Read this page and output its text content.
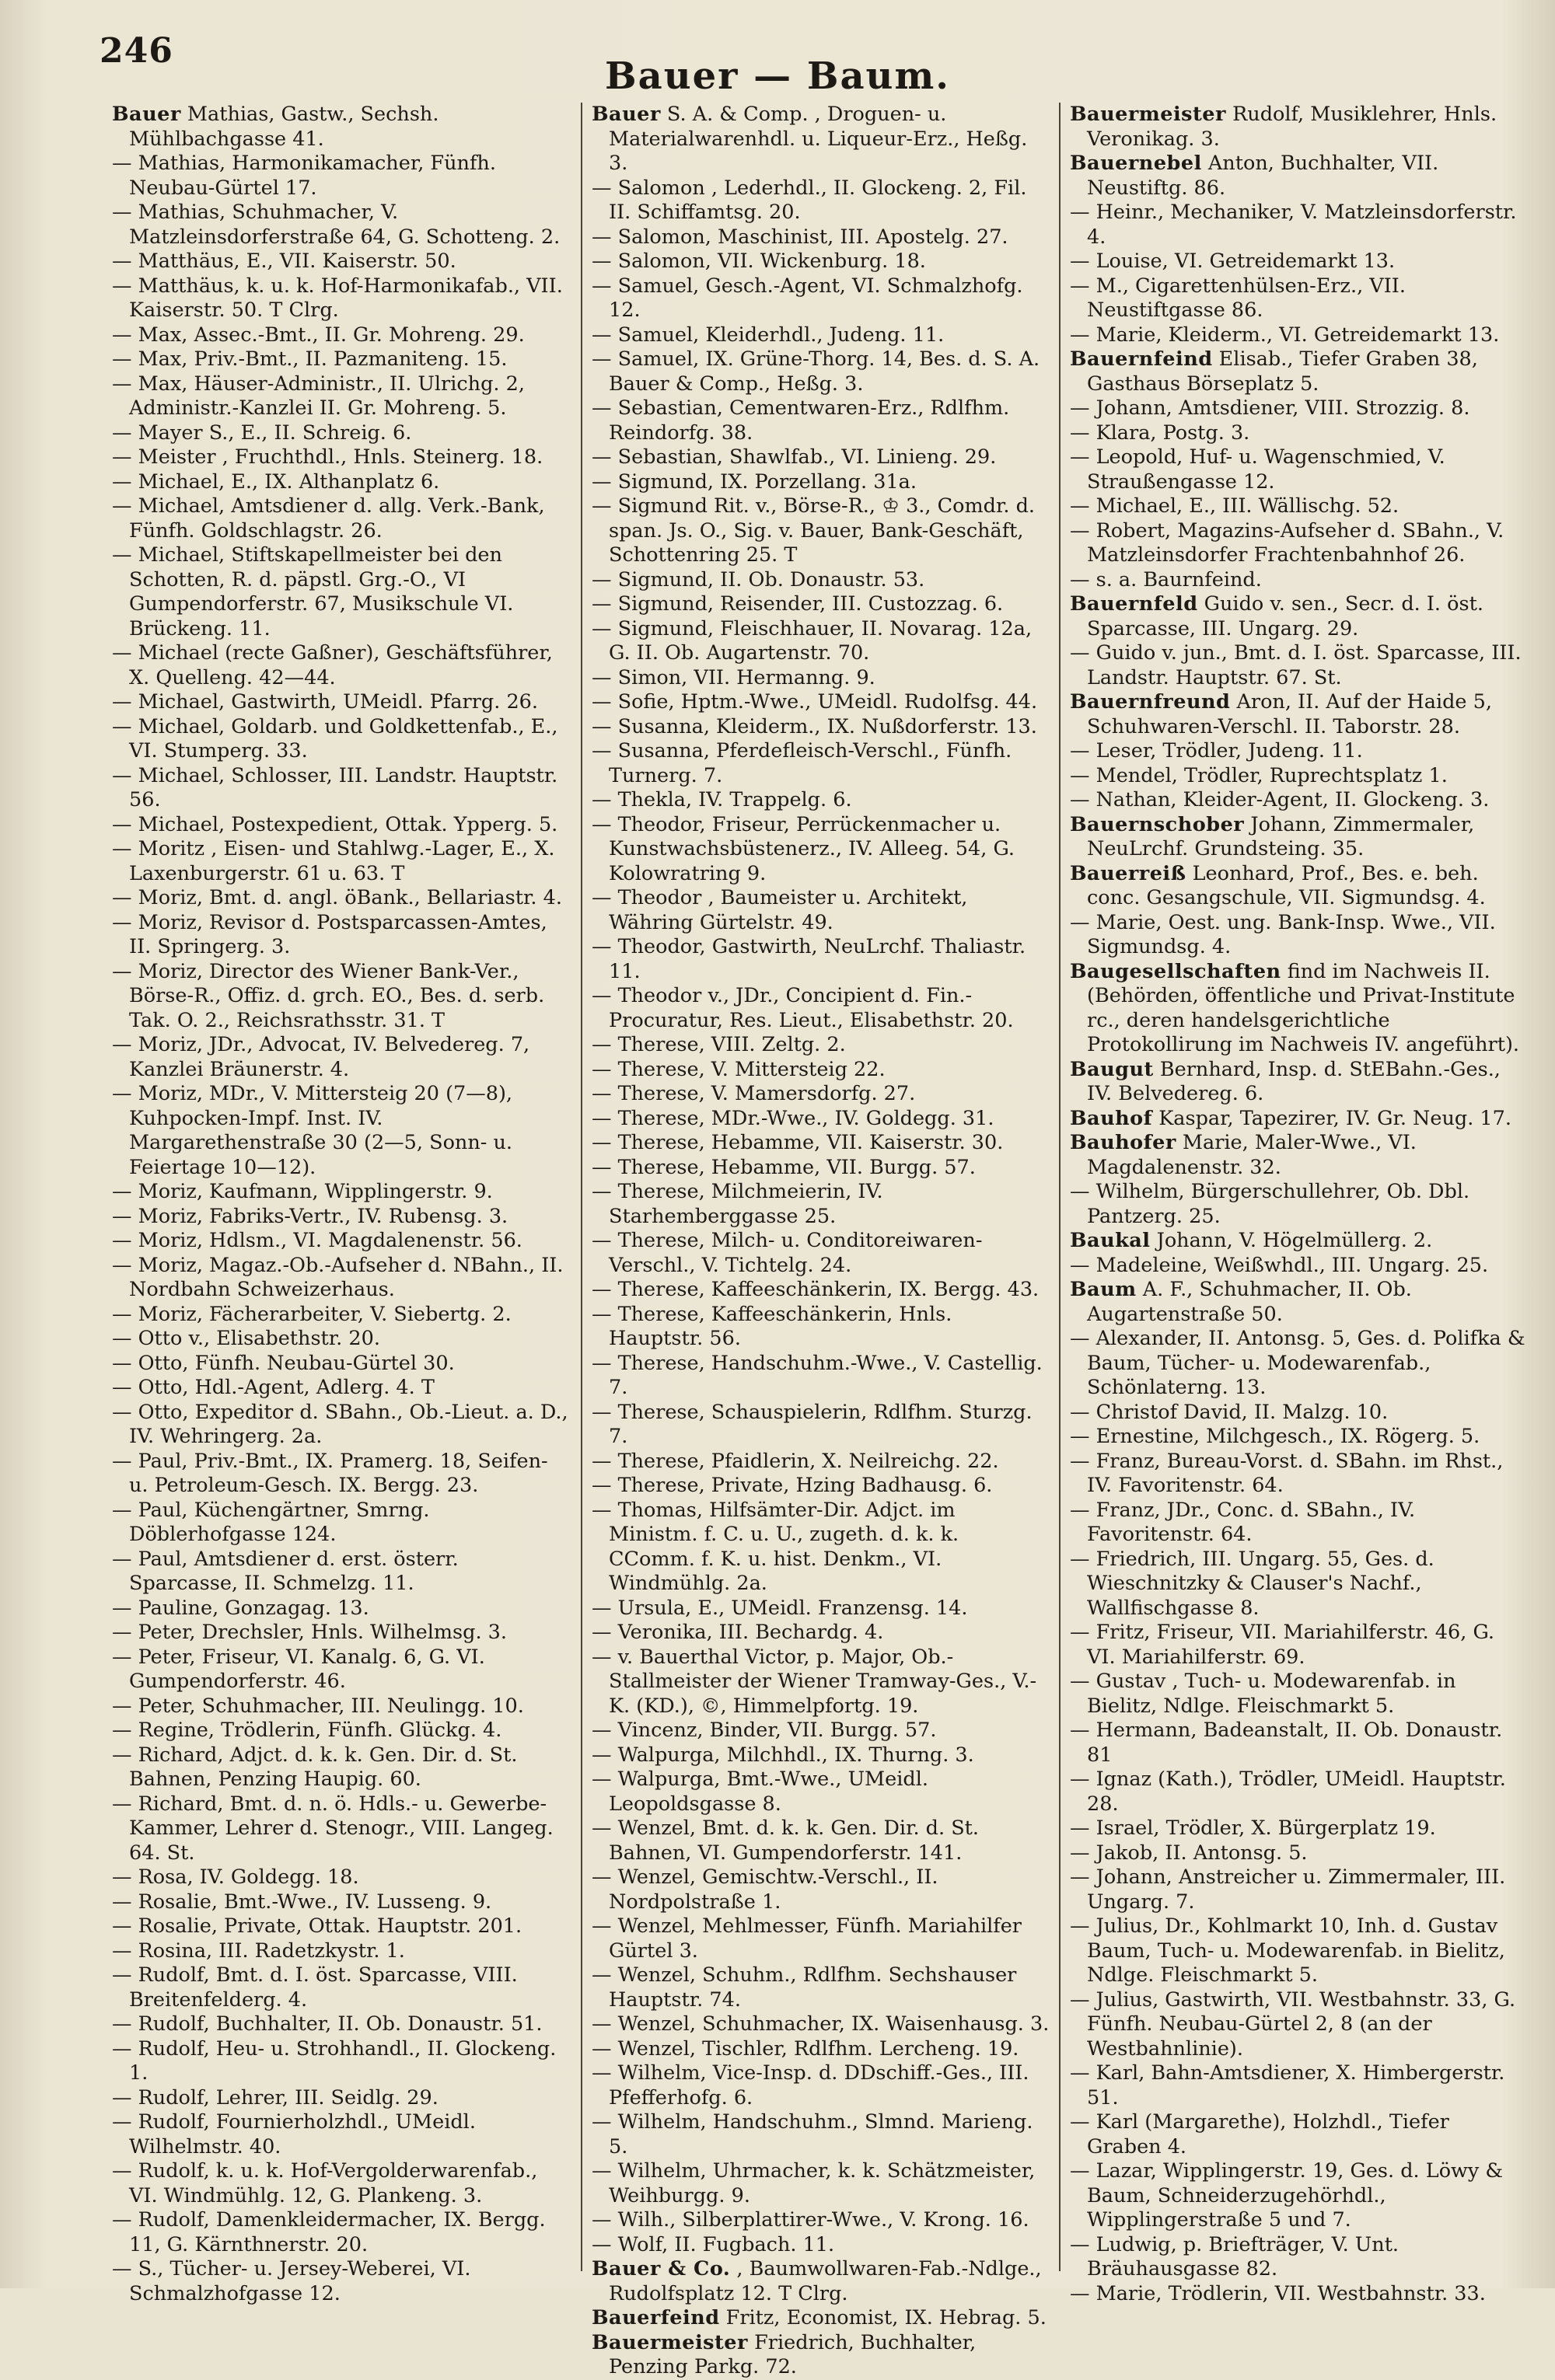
246
Bauer — Baum.

Bauer Mathias, Gastw., Sechsh. Mühlbachgasse 41.

— Mathias, Harmonikamacher, Fünfh. Neubau-Gürtel 17.

— Mathias, Schuhmacher, V. Matzleinsdorferstraße 64, G. Schotteng. 2.

— Matthäus, E., VII. Kaiserstr. 50.

— Matthäus, k. u. k. Hof-Harmonikafab., VII. Kaiserstr. 50. T Clrg.

— Max, Assec.-Bmt., II. Gr. Mohreng. 29.

— Max, Priv.-Bmt., II. Pazmaniteng. 15.

— Max, Häuser-Administr., II. Ulrichg. 2, Administr.-Kanzlei II. Gr. Mohreng. 5.

— Mayer S., E., II. Schreig. 6.

— Meister , Fruchthdl., Hnls. Steinerg. 18.

— Michael, E., IX. Althanplatz 6.

— Michael, Amtsdiener d. allg. Verk.-Bank, Fünfh. Goldschlagstr. 26.

— Michael, Stiftskapellmeister bei den Schotten, R. d. päpstl. Grg.-O., VI Gumpendorferstr. 67, Musikschule VI. Brückeng. 11.

— Michael (recte Gaßner), Geschäftsführer, X. Quelleng. 42—44.

— Michael, Gastwirth, UMeidl. Pfarrg. 26.

— Michael, Goldarb. und Goldkettenfab., E., VI. Stumperg. 33.

— Michael, Schlosser, III. Landstr. Hauptstr. 56.

— Michael, Postexpedient, Ottak. Ypperg. 5.

— Moritz , Eisen- und Stahlwg.-Lager, E., X. Laxenburgerstr. 61 u. 63. T

— Moriz, Bmt. d. angl. öBank., Bellariastr. 4.

— Moriz, Revisor d. Postsparcassen-Amtes, II. Springerg. 3.

— Moriz, Director des Wiener Bank-Ver., Börse-R., Offiz. d. grch. EO., Bes. d. serb. Tak. O. 2., Reichsrathsstr. 31. T

— Moriz, JDr., Advocat, IV. Belvedereg. 7, Kanzlei Bräunerstr. 4.

— Moriz, MDr., V. Mittersteig 20 (7—8), Kuhpocken-Impf. Inst. IV. Margarethenstraße 30 (2—5, Sonn- u. Feiertage 10—12).

— Moriz, Kaufmann, Wipplingerstr. 9.

— Moriz, Fabriks-Vertr., IV. Rubensg. 3.

— Moriz, Hdlsm., VI. Magdalenenstr. 56.

— Moriz, Magaz.-Ob.-Aufseher d. NBahn., II. Nordbahn Schweizerhaus.

— Moriz, Fächerarbeiter, V. Siebertg. 2.

— Otto v., Elisabethstr. 20.

— Otto, Fünfh. Neubau-Gürtel 30.

— Otto, Hdl.-Agent, Adlerg. 4. T

— Otto, Expeditor d. SBahn., Ob.-Lieut. a. D., IV. Wehringerg. 2a.

— Paul, Priv.-Bmt., IX. Pramerg. 18, Seifen- u. Petroleum-Gesch. IX. Bergg. 23.

— Paul, Küchengärtner, Smrng. Döblerhofgasse 124.

— Paul, Amtsdiener d. erst. österr. Sparcasse, II. Schmelzg. 11.

— Pauline, Gonzagag. 13.

— Peter, Drechsler, Hnls. Wilhelmsg. 3.

— Peter, Friseur, VI. Kanalg. 6, G. VI. Gumpendorferstr. 46.

— Peter, Schuhmacher, III. Neulingg. 10.

— Regine, Trödlerin, Fünfh. Glückg. 4.

— Richard, Adjct. d. k. k. Gen. Dir. d. St. Bahnen, Penzing Haupig. 60.

— Richard, Bmt. d. n. ö. Hdls.- u. Gewerbe-Kammer, Lehrer d. Stenogr., VIII. Langeg. 64. St.

— Rosa, IV. Goldegg. 18.

— Rosalie, Bmt.-Wwe., IV. Lusseng. 9.

— Rosalie, Private, Ottak. Hauptstr. 201.

— Rosina, III. Radetzkystr. 1.

— Rudolf, Bmt. d. I. öst. Sparcasse, VIII. Breitenfelderg. 4.

— Rudolf, Buchhalter, II. Ob. Donaustr. 51.

— Rudolf, Heu- u. Strohhandl., II. Glockeng. 1.

— Rudolf, Lehrer, III. Seidlg. 29.

— Rudolf, Fournierholzhdl., UMeidl. Wilhelmstr. 40.

— Rudolf, k. u. k. Hof-Vergolderwarenfab., VI. Windmühlg. 12, G. Plankeng. 3.

— Rudolf, Damenkleidermacher, IX. Bergg. 11, G. Kärnthnerstr. 20.

— S., Tücher- u. Jersey-Weberei, VI. Schmalzhofgasse 12.

Bauer S. A. & Comp. , Droguen- u. Materialwarenhdl. u. Liqueur-Erz., Heßg. 3.

— Salomon , Lederhdl., II. Glockeng. 2, Fil. II. Schiffamtsg. 20.

— Salomon, Maschinist, III. Apostelg. 27.

— Salomon, VII. Wickenburg. 18.

— Samuel, Gesch.-Agent, VI. Schmalzhofg. 12.

— Samuel, Kleiderhdl., Judeng. 11.

— Samuel, IX. Grüne-Thorg. 14, Bes. d. S. A. Bauer & Comp., Heßg. 3.

— Sebastian, Cementwaren-Erz., Rdlfhm. Reindorfg. 38.

— Sebastian, Shawlfab., VI. Linieng. 29.

— Sigmund, IX. Porzellang. 31a.

— Sigmund Rit. v., Börse-R., ♔ 3., Comdr. d. span. Js. O., Sig. v. Bauer, Bank-Geschäft, Schottenring 25. T

— Sigmund, II. Ob. Donaustr. 53.

— Sigmund, Reisender, III. Custozzag. 6.

— Sigmund, Fleischhauer, II. Novarag. 12a, G. II. Ob. Augartenstr. 70.

— Simon, VII. Hermanng. 9.

— Sofie, Hptm.-Wwe., UMeidl. Rudolfsg. 44.

— Susanna, Kleiderm., IX. Nußdorferstr. 13.

— Susanna, Pferdefleisch-Verschl., Fünfh. Turnerg. 7.

— Thekla, IV. Trappelg. 6.

— Theodor, Friseur, Perrückenmacher u. Kunstwachsbüstenerz., IV. Alleeg. 54, G. Kolowratring 9.

— Theodor , Baumeister u. Architekt, Währing Gürtelstr. 49.

— Theodor, Gastwirth, NeuLrchf. Thaliastr. 11.

— Theodor v., JDr., Concipient d. Fin.-Procuratur, Res. Lieut., Elisabethstr. 20.

— Therese, VIII. Zeltg. 2.

— Therese, V. Mittersteig 22.

— Therese, V. Mamersdorfg. 27.

— Therese, MDr.-Wwe., IV. Goldegg. 31.

— Therese, Hebamme, VII. Kaiserstr. 30.

— Therese, Hebamme, VII. Burgg. 57.

— Therese, Milchmeierin, IV. Starhemberggasse 25.

— Therese, Milch- u. Conditoreiwaren-Verschl., V. Tichtelg. 24.

— Therese, Kaffeeschänkerin, IX. Bergg. 43.

— Therese, Kaffeeschänkerin, Hnls. Hauptstr. 56.

— Therese, Handschuhm.-Wwe., V. Castellig. 7.

— Therese, Schauspielerin, Rdlfhm. Sturzg. 7.

— Therese, Pfaidlerin, X. Neilreichg. 22.

— Therese, Private, Hzing Badhausg. 6.

— Thomas, Hilfsämter-Dir. Adjct. im Ministm. f. C. u. U., zugeth. d. k. k. CComm. f. K. u. hist. Denkm., VI. Windmühlg. 2a.

— Ursula, E., UMeidl. Franzensg. 14.

— Veronika, III. Bechardg. 4.

— v. Bauerthal Victor, p. Major, Ob.-Stallmeister der Wiener Tramway-Ges., V.-K. (KD.), ©, Himmelpfortg. 19.

— Vincenz, Binder, VII. Burgg. 57.

— Walpurga, Milchhdl., IX. Thurng. 3.

— Walpurga, Bmt.-Wwe., UMeidl. Leopoldsgasse 8.

— Wenzel, Bmt. d. k. k. Gen. Dir. d. St. Bahnen, VI. Gumpendorferstr. 141.

— Wenzel, Gemischtw.-Verschl., II. Nordpolstraße 1.

— Wenzel, Mehlmesser, Fünfh. Mariahilfer Gürtel 3.

— Wenzel, Schuhm., Rdlfhm. Sechshauser Hauptstr. 74.

— Wenzel, Schuhmacher, IX. Waisenhausg. 3.

— Wenzel, Tischler, Rdlfhm. Lercheng. 19.

— Wilhelm, Vice-Insp. d. DDschiff.-Ges., III. Pfefferhofg. 6.

— Wilhelm, Handschuhm., Slmnd. Marieng. 5.

— Wilhelm, Uhrmacher, k. k. Schätzmeister, Weihburgg. 9.

— Wilh., Silberplattirer-Wwe., V. Krong. 16.

— Wolf, II. Fugbach. 11.

Bauer & Co. , Baumwollwaren-Fab.-Ndlge., Rudolfsplatz 12. T Clrg.

Bauerfeind Fritz, Economist, IX. Hebrag. 5.

Bauermeister Friedrich, Buchhalter, Penzing Parkg. 72.

Bauermeister Rudolf, Musiklehrer, Hnls. Veronikag. 3.

Bauernebel Anton, Buchhalter, VII. Neustiftg. 86.

— Heinr., Mechaniker, V. Matzleinsdorferstr. 4.

— Louise, VI. Getreidemarkt 13.

— M., Cigarettenhülsen-Erz., VII. Neustiftgasse 86.

— Marie, Kleiderm., VI. Getreidemarkt 13.

Bauernfeind Elisab., Tiefer Graben 38, Gasthaus Börseplatz 5.

— Johann, Amtsdiener, VIII. Strozzig. 8.

— Klara, Postg. 3.

— Leopold, Huf- u. Wagenschmied, V. Straußengasse 12.

— Michael, E., III. Wällischg. 52.

— Robert, Magazins-Aufseher d. SBahn., V. Matzleinsdorfer Frachtenbahnhof 26.

— s. a. Baurnfeind.

Bauernfeld Guido v. sen., Secr. d. I. öst. Sparcasse, III. Ungarg. 29.

— Guido v. jun., Bmt. d. I. öst. Sparcasse, III. Landstr. Hauptstr. 67. St.

Bauernfreund Aron, II. Auf der Haide 5, Schuhwaren-Verschl. II. Taborstr. 28.

— Leser, Trödler, Judeng. 11.

— Mendel, Trödler, Ruprechtsplatz 1.

— Nathan, Kleider-Agent, II. Glockeng. 3.

Bauernschober Johann, Zimmermaler, NeuLrchf. Grundsteing. 35.

Bauerreiß Leonhard, Prof., Bes. e. beh. conc. Gesangschule, VII. Sigmundsg. 4.

— Marie, Oest. ung. Bank-Insp. Wwe., VII. Sigmundsg. 4.

Baugesellschaften find im Nachweis II. (Behörden, öffentliche und Privat-Institute rc., deren handelsgerichtliche Protokollirung im Nachweis IV. angeführt).

Baugut Bernhard, Insp. d. StEBahn.-Ges., IV. Belvedereg. 6.

Bauhof Kaspar, Tapezirer, IV. Gr. Neug. 17.

Bauhofer Marie, Maler-Wwe., VI. Magdalenenstr. 32.

— Wilhelm, Bürgerschullehrer, Ob. Dbl. Pantzerg. 25.

Baukal Johann, V. Högelmüllerg. 2.

— Madeleine, Weißwhdl., III. Ungarg. 25.

Baum A. F., Schuhmacher, II. Ob. Augartenstraße 50.

— Alexander, II. Antonsg. 5, Ges. d. Polifka & Baum, Tücher- u. Modewarenfab., Schönlaterng. 13.

— Christof David, II. Malzg. 10.

— Ernestine, Milchgesch., IX. Rögerg. 5.

— Franz, Bureau-Vorst. d. SBahn. im Rhst., IV. Favoritenstr. 64.

— Franz, JDr., Conc. d. SBahn., IV. Favoritenstr. 64.

— Friedrich, III. Ungarg. 55, Ges. d. Wieschnitzky & Clauser's Nachf., Wallfischgasse 8.

— Fritz, Friseur, VII. Mariahilferstr. 46, G. VI. Mariahilferstr. 69.

— Gustav , Tuch- u. Modewarenfab. in Bielitz, Ndlge. Fleischmarkt 5.

— Hermann, Badeanstalt, II. Ob. Donaustr. 81

— Ignaz (Kath.), Trödler, UMeidl. Hauptstr. 28.

— Israel, Trödler, X. Bürgerplatz 19.

— Jakob, II. Antonsg. 5.

— Johann, Anstreicher u. Zimmermaler, III. Ungarg. 7.

— Julius, Dr., Kohlmarkt 10, Inh. d. Gustav Baum, Tuch- u. Modewarenfab. in Bielitz, Ndlge. Fleischmarkt 5.

— Julius, Gastwirth, VII. Westbahnstr. 33, G. Fünfh. Neubau-Gürtel 2, 8 (an der Westbahnlinie).

— Karl, Bahn-Amtsdiener, X. Himbergerstr. 51.

— Karl (Margarethe), Holzhdl., Tiefer Graben 4.

— Lazar, Wipplingerstr. 19, Ges. d. Löwy & Baum, Schneiderzugehörhdl., Wipplingerstraße 5 und 7.

— Ludwig, p. Briefträger, V. Unt. Bräuhausgasse 82.

— Marie, Trödlerin, VII. Westbahnstr. 33.
